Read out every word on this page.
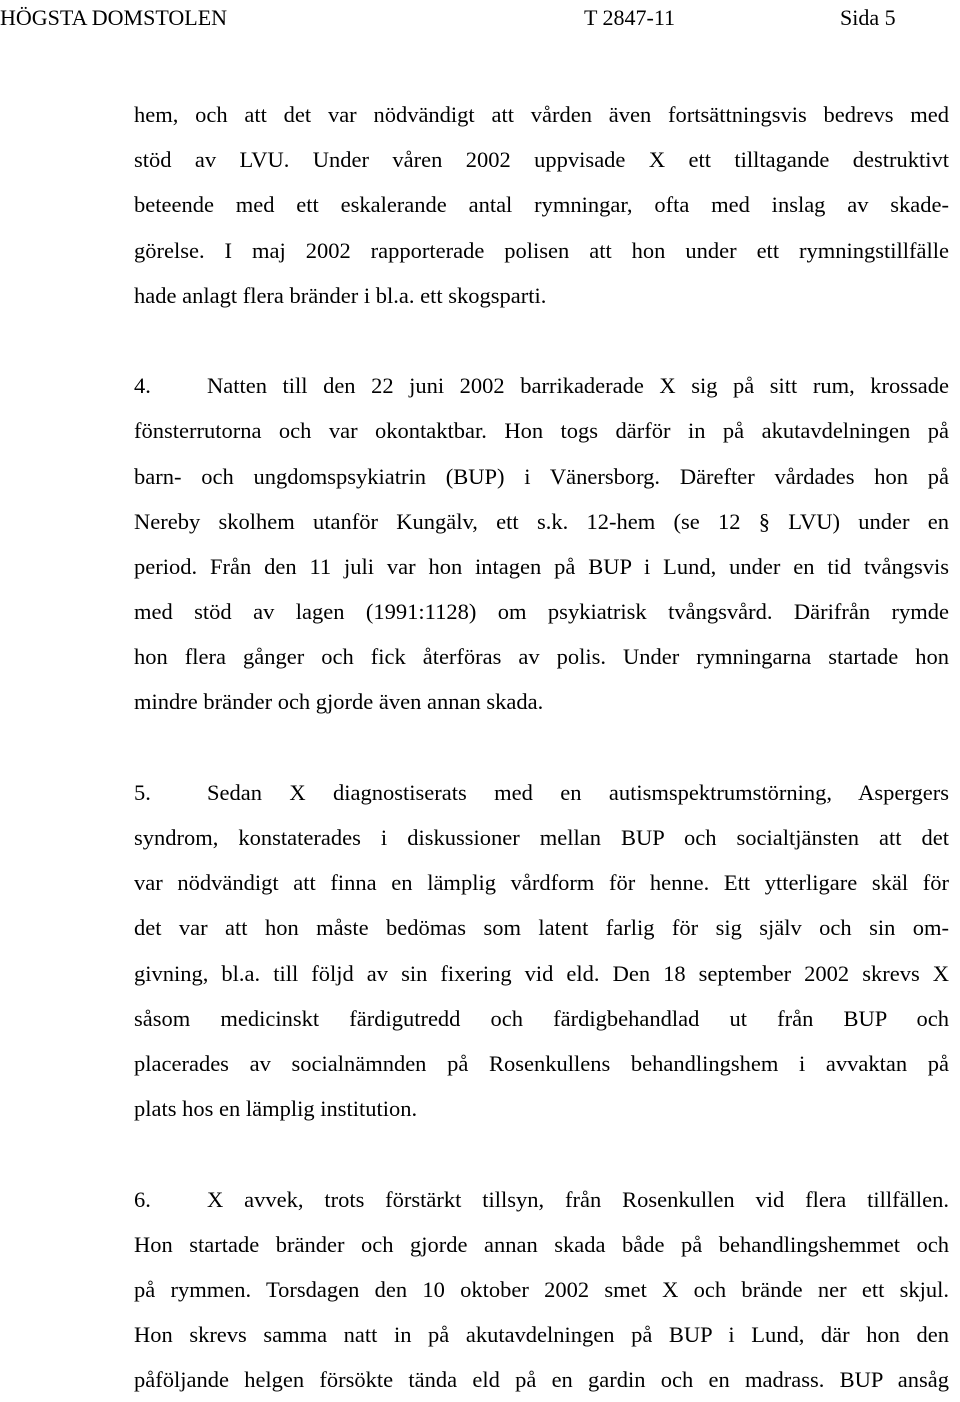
HÖGSTA DOMSTOLEN	T 2847-11	Sida 5
hem, och att det var nödvändigt att vården även fortsättningsvis bedrevs med
stöd av LVU. Under våren 2002 uppvisade X ett tilltagande destruktivt
beteende med ett eskalerande antal rymningar, ofta med inslag av skade-
görelse. I maj 2002 rapporterade polisen att hon under ett rymningstillfälle
hade anlagt flera bränder i bl.a. ett skogsparti.
4. Natten till den 22 juni 2002 barrikaderade X sig på sitt rum, krossade
fönsterrutorna och var okontaktbar. Hon togs därför in på akutavdelningen på
barn- och ungdomspsykiatrin (BUP) i Vänersborg. Därefter vårdades hon på
Nereby skolhem utanför Kungälv, ett s.k. 12-hem (se 12 § LVU) under en
period. Från den 11 juli var hon intagen på BUP i Lund, under en tid tvångsvis
med stöd av lagen (1991:1128) om psykiatrisk tvångsvård. Därifrån rymde
hon flera gånger och fick återföras av polis. Under rymningarna startade hon
mindre bränder och gjorde även annan skada.
5. Sedan X diagnostiserats med en autismspektrumstörning, Aspergers
syndrom, konstaterades i diskussioner mellan BUP och socialtjänsten att det
var nödvändigt att finna en lämplig vårdform för henne. Ett ytterligare skäl för
det var att hon måste bedömas som latent farlig för sig själv och sin om-
givning, bl.a. till följd av sin fixering vid eld. Den 18 september 2002 skrevs X
såsom medicinskt färdigutredd och färdigbehandlad ut från BUP och
placerades av socialnämnden på Rosenkullens behandlingshem i avvaktan på
plats hos en lämplig institution.
6. X avvek, trots förstärkt tillsyn, från Rosenkullen vid flera tillfällen.
Hon startade bränder och gjorde annan skada både på behandlingshemmet och
på rymmen. Torsdagen den 10 oktober 2002 smet X och brände ner ett skjul.
Hon skrevs samma natt in på akutavdelningen på BUP i Lund, där hon den
påföljande helgen försökte tända eld på en gardin och en madrass. BUP ansåg
